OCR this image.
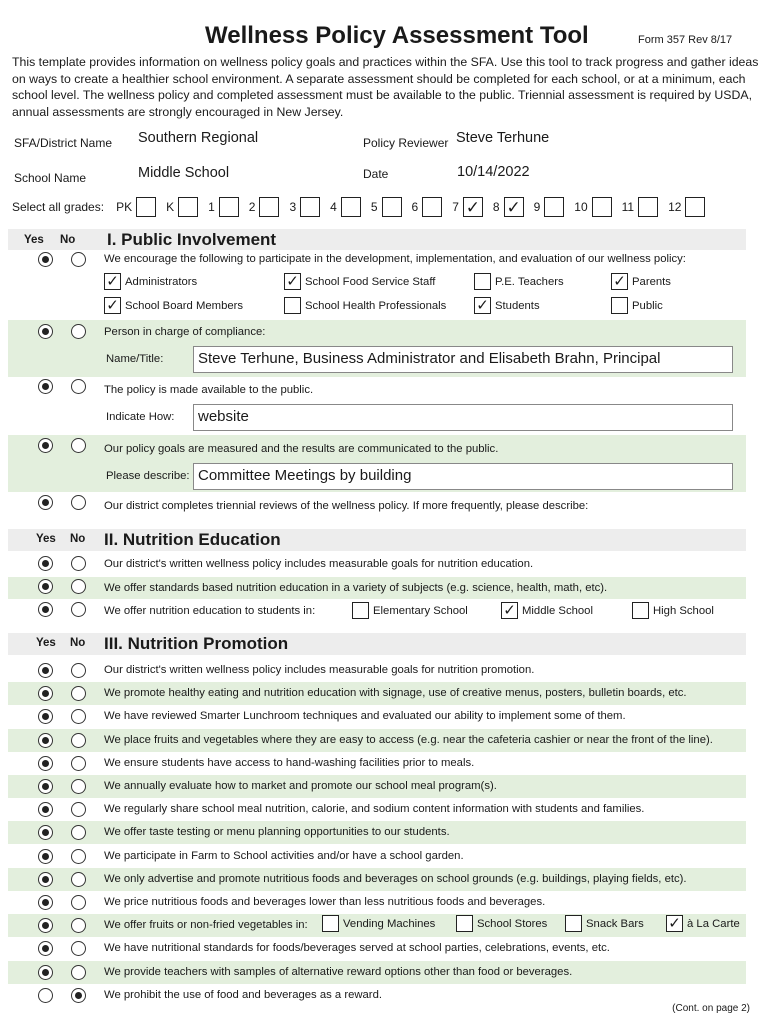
Wellness Policy Assessment Tool	Form 357 Rev 8/17
This template provides information on wellness policy goals and practices within the SFA. Use this tool to track progress and gather ideas on ways to create a healthier school environment. A separate assessment should be completed for each school, or at a minimum, each school level. The wellness policy and completed assessment must be available to the public. Triennial assessment is required by USDA, annual assessments are strongly encouraged in New Jersey.
SFA/District Name Southern Regional	Policy Reviewer Steve Terhune
School Name	Middle School	Date	10/14/2022
Select all grades: PK	K	1	2	3	4	5	6	7 ✓ 8 ✓ 9	10	11	12
Yes No I. Public Involvement
We encourage the following to participate in the development, implementation, and evaluation of our wellness policy:
✓ Administrators	✓ School Food Service Staff	P.E. Teachers	✓ Parents
✓ School Board Members	School Health Professionals ✓ Students	Public
Person in charge of compliance:
Name/Title:	Steve Terhune, Business Administrator and Elisabeth Brahn, Principal
The policy is made available to the public.
Indicate How:	website
Our policy goals are measured and the results are communicated to the public.
Please describe: Committee Meetings by building
Our district completes triennial reviews of the wellness policy. If more frequently, please describe:
Yes No II. Nutrition Education
Our district's written wellness policy includes measurable goals for nutrition education.
We offer standards based nutrition education in a variety of subjects (e.g. science, health, math, etc).
We offer nutrition education to students in:	Elementary School ✓ Middle School	High School
Yes No III. Nutrition Promotion
Our district's written wellness policy includes measurable goals for nutrition promotion.
We promote healthy eating and nutrition education with signage, use of creative menus, posters, bulletin boards, etc.
We have reviewed Smarter Lunchroom techniques and evaluated our ability to implement some of them.
We place fruits and vegetables where they are easy to access (e.g. near the cafeteria cashier or near the front of the line).
We ensure students have access to hand-washing facilities prior to meals.
We annually evaluate how to market and promote our school meal program(s).
We regularly share school meal nutrition, calorie, and sodium content information with students and families.
We offer taste testing or menu planning opportunities to our students.
We participate in Farm to School activities and/or have a school garden.
We only advertise and promote nutritious foods and beverages on school grounds (e.g. buildings, playing fields, etc).
We price nutritious foods and beverages lower than less nutritious foods and beverages.
We offer fruits or non-fried vegetables in:	Vending Machines	School Stores	Snack Bars ✓ à La Carte
We have nutritional standards for foods/beverages served at school parties, celebrations, events, etc.
We provide teachers with samples of alternative reward options other than food or beverages.
We prohibit the use of food and beverages as a reward.
(Cont. on page 2)
